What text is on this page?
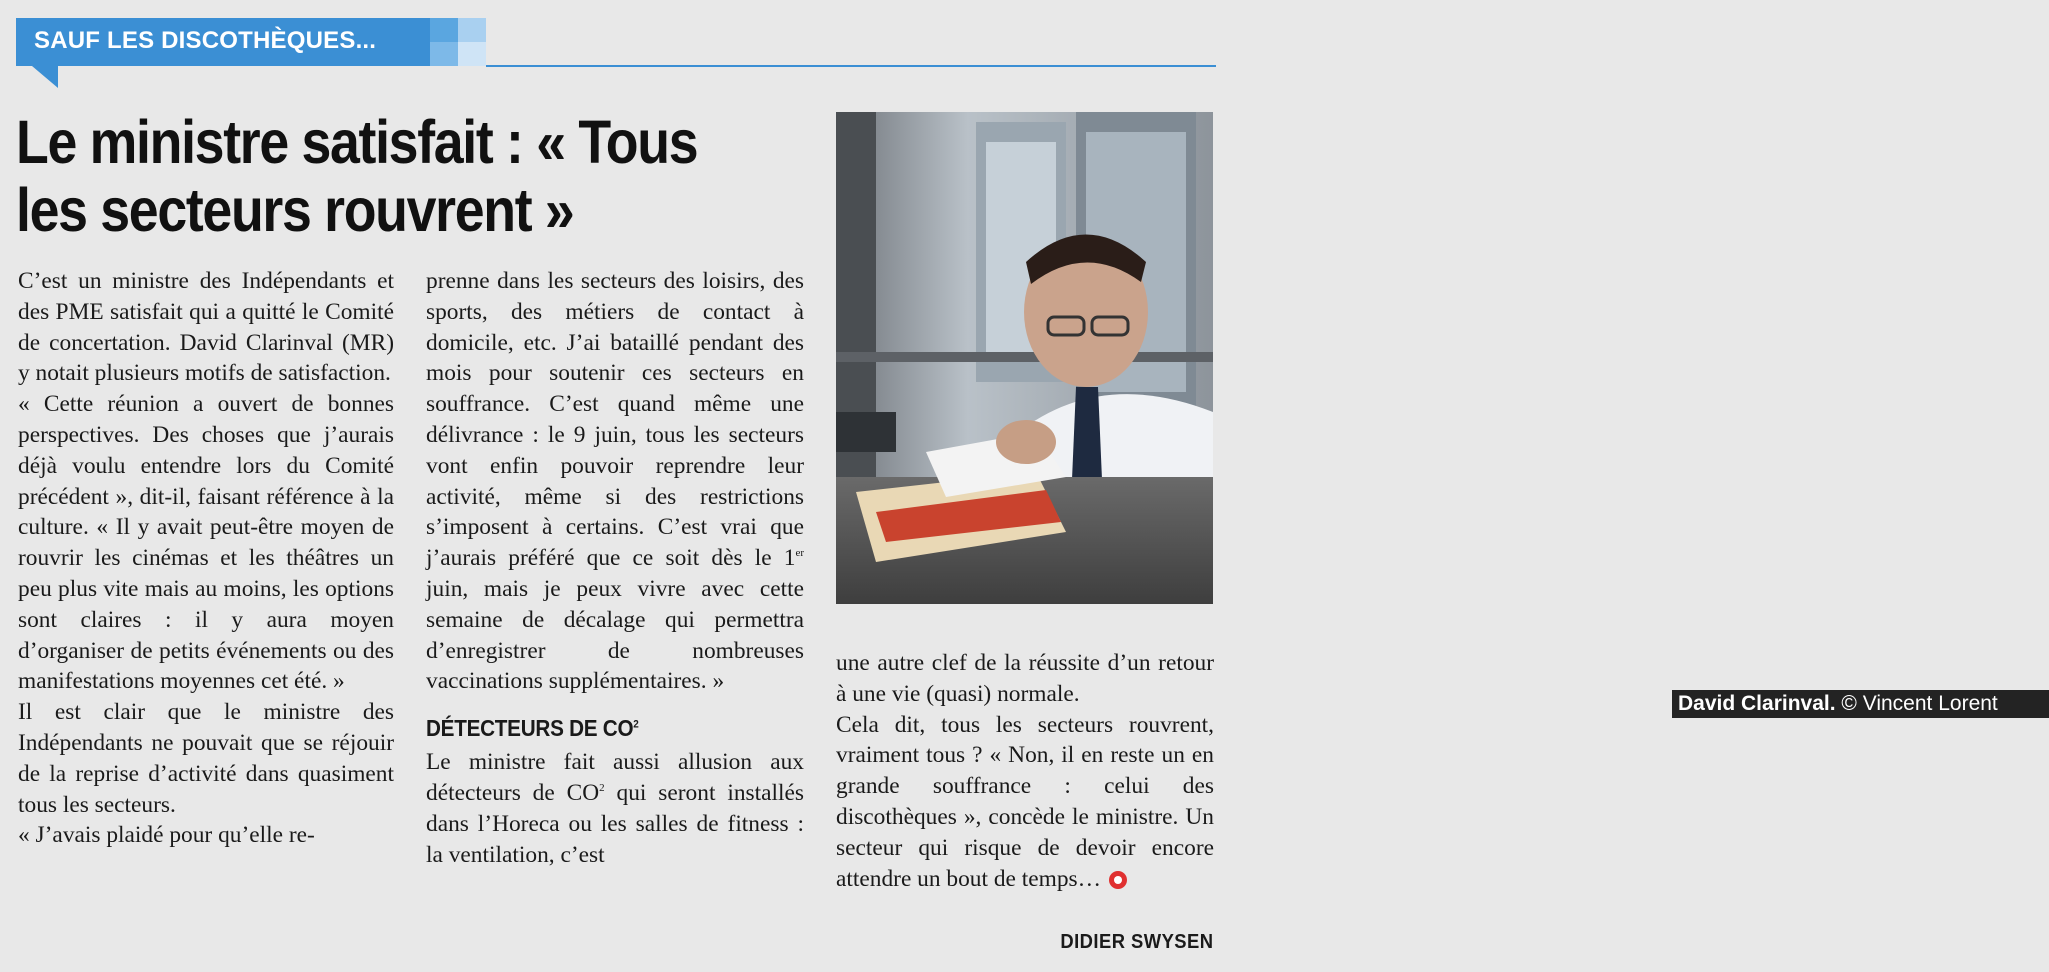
SAUF LES DISCOTHÈQUES...
Le ministre satisfait : « Tous les secteurs rouvrent »
David Clarinval. © Vincent Lorent

C’est un ministre des Indépendants et des PME satisfait qui a quitté le Comité de concertation. David Clarinval (MR) y notait plusieurs motifs de satisfaction.

« Cette réunion a ouvert de bonnes perspectives. Des choses que j’aurais déjà voulu entendre lors du Comité précédent », dit-il, faisant référence à la culture. « Il y avait peut-être moyen de rouvrir les cinémas et les théâtres un peu plus vite mais au moins, les options sont claires : il y aura moyen d’organiser de petits événements ou des manifestations moyennes cet été. »

Il est clair que le ministre des Indépendants ne pouvait que se réjouir de la reprise d’activité dans quasiment tous les secteurs.

« J’avais plaidé pour qu’elle re-

prenne dans les secteurs des loisirs, des sports, des métiers de contact à domicile, etc. J’ai bataillé pendant des mois pour soutenir ces secteurs en souffrance. C’est quand même une délivrance : le 9 juin, tous les secteurs vont enfin pouvoir reprendre leur activité, même si des restrictions s’imposent à certains. C’est vrai que j’aurais préféré que ce soit dès le 1er juin, mais je peux vivre avec cette semaine de décalage qui permettra d’enregistrer de nombreuses vaccinations supplémentaires. »

DÉTECTEURS DE $CO^2$

Le ministre fait aussi allusion aux détecteurs de $CO^2$ qui seront installés dans l’Horeca ou les salles de fitness : la ventilation, c’est

une autre clef de la réussite d’un retour à une vie (quasi) normale.

Cela dit, tous les secteurs rouvrent, vraiment tous ? « Non, il en reste un en grande souffrance : celui des discothèques », concède le ministre. Un secteur qui risque de devoir encore attendre un bout de temps…

DIDIER SWYSEN
